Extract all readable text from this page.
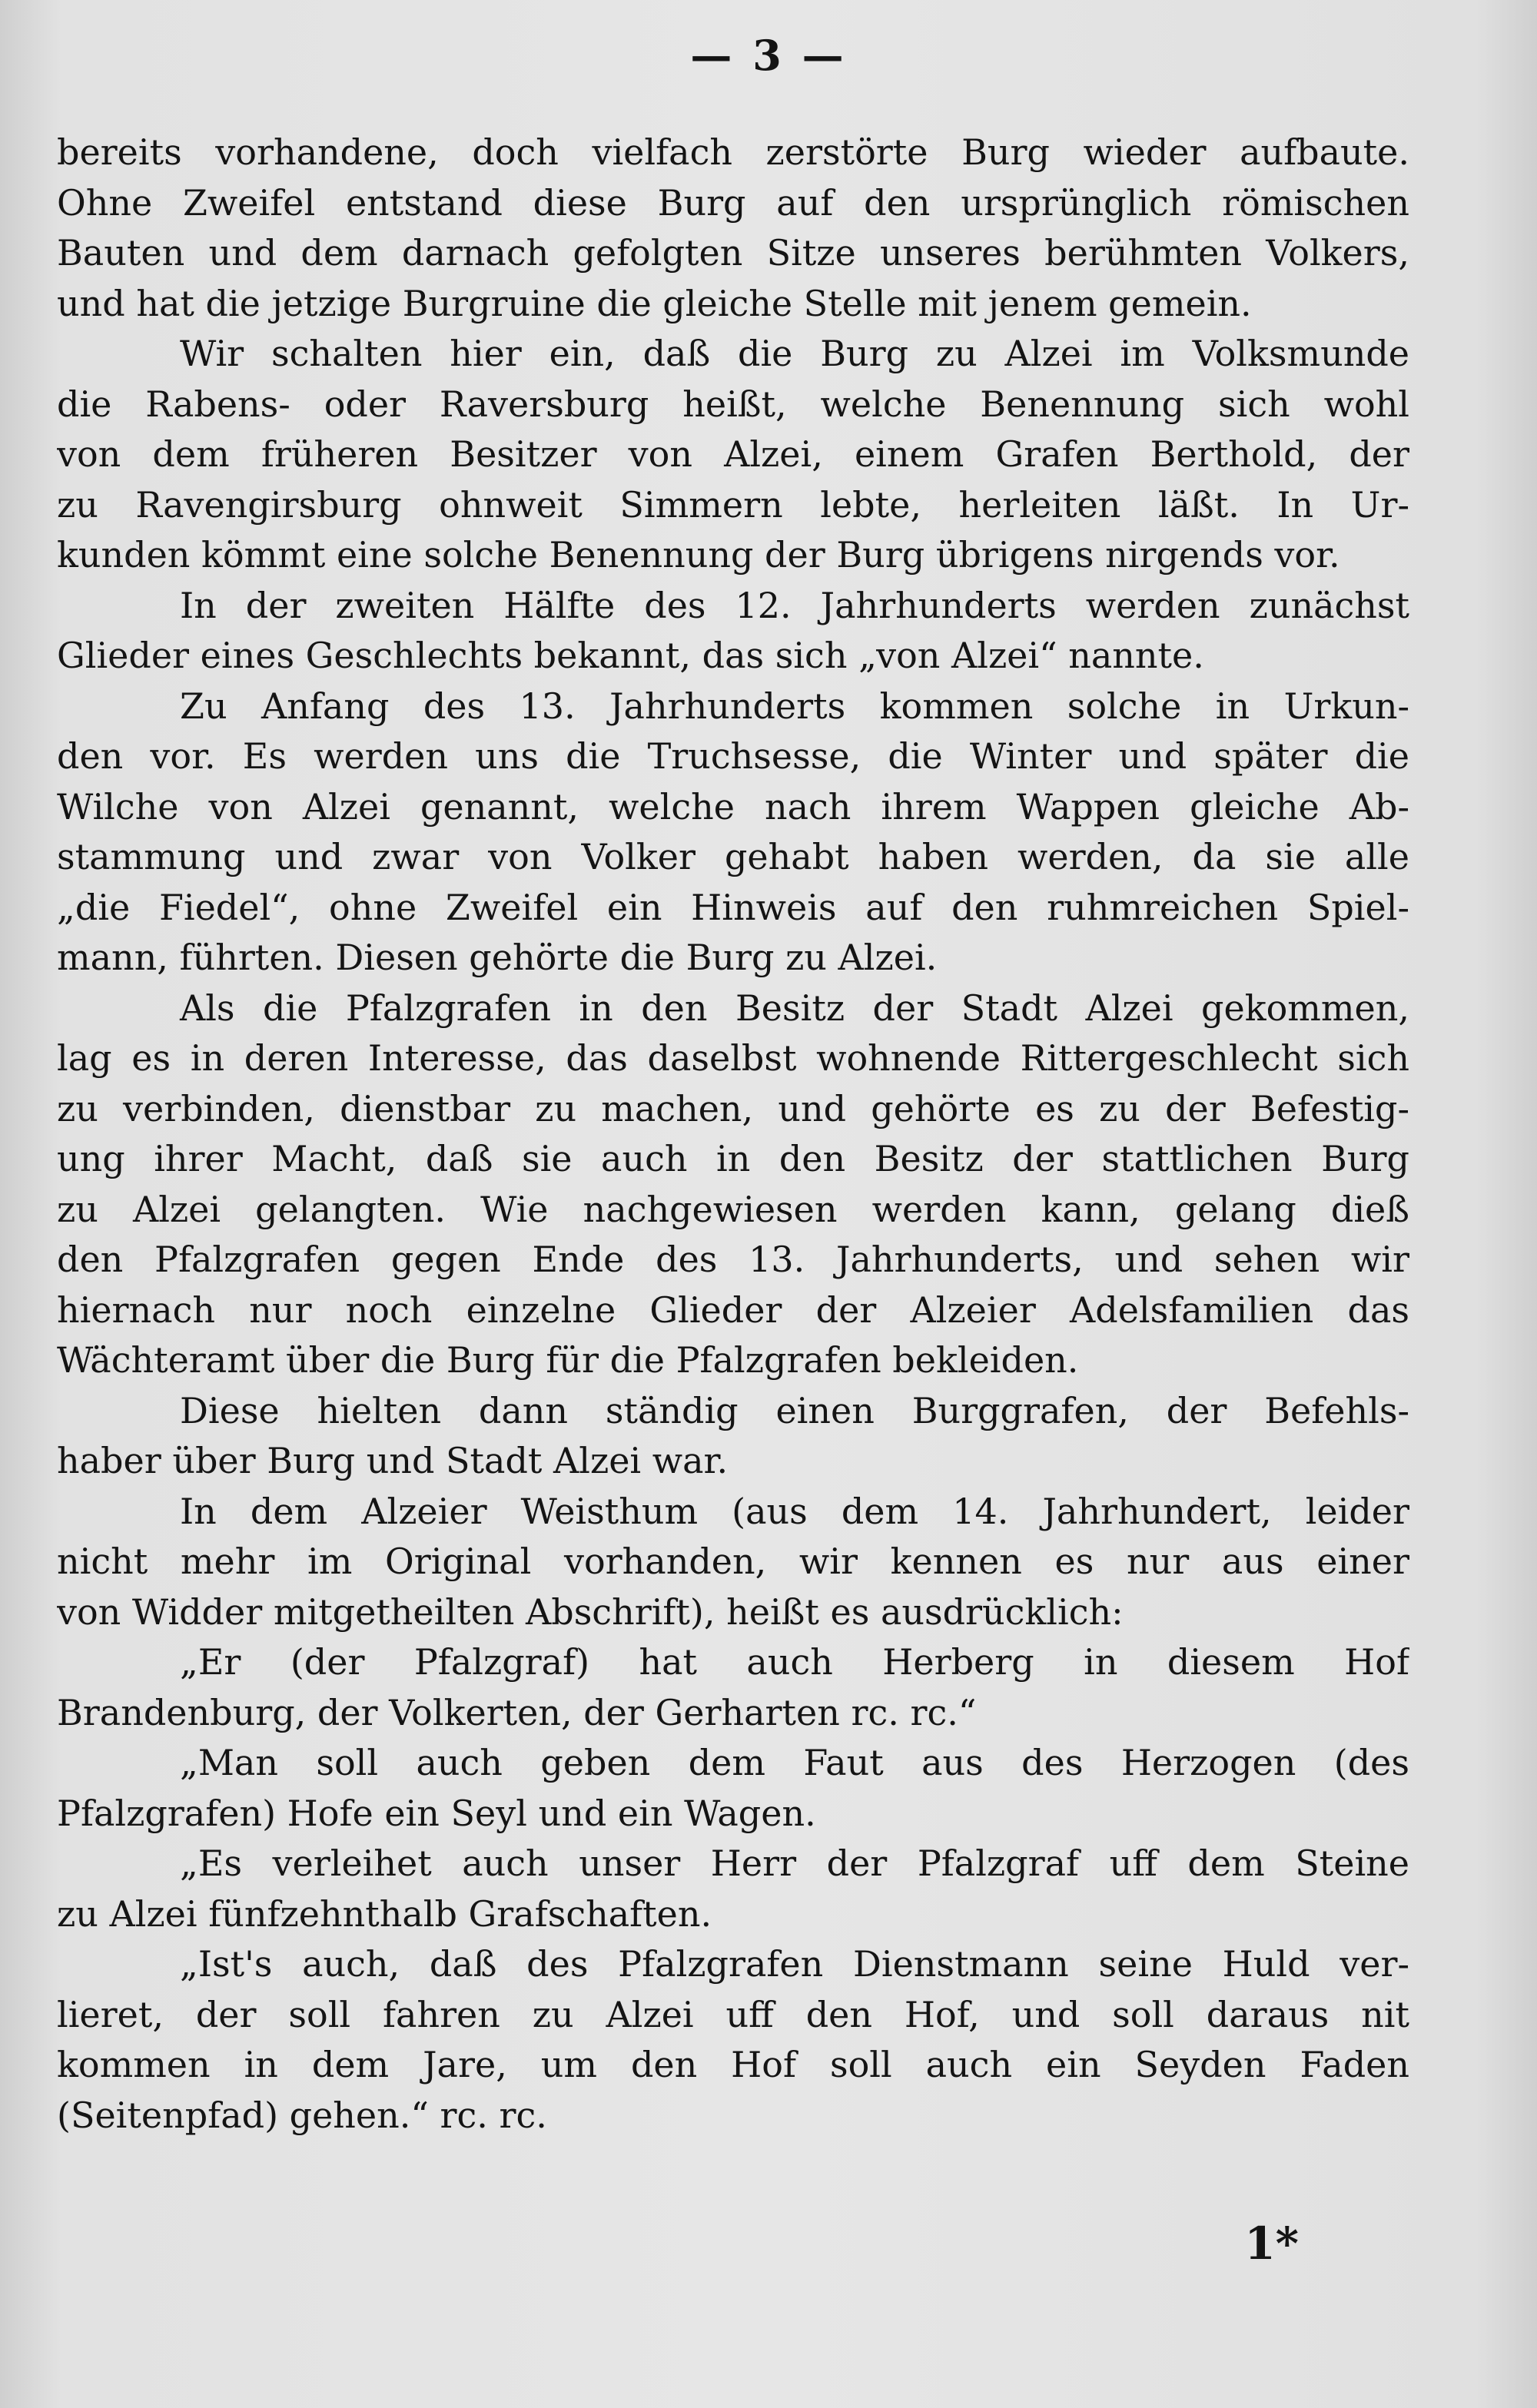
— 3 —
bereits vorhandene, doch vielfach zerstörte Burg wieder aufbaute.
Ohne Zweifel entstand diese Burg auf den ursprünglich römischen
Bauten und dem darnach gefolgten Sitze unseres berühmten Volkers,
und hat die jetzige Burgruine die gleiche Stelle mit jenem gemein.
Wir schalten hier ein, daß die Burg zu Alzei im Volksmunde
die Rabens- oder Raversburg heißt, welche Benennung sich wohl
von dem früheren Besitzer von Alzei, einem Grafen Berthold, der
zu Ravengirsburg ohnweit Simmern lebte, herleiten läßt. In Ur-
kunden kömmt eine solche Benennung der Burg übrigens nirgends vor.
In der zweiten Hälfte des 12. Jahrhunderts werden zunächst
Glieder eines Geschlechts bekannt, das sich „von Alzei“ nannte.
Zu Anfang des 13. Jahrhunderts kommen solche in Urkun-
den vor. Es werden uns die Truchsesse, die Winter und später die
Wilche von Alzei genannt, welche nach ihrem Wappen gleiche Ab-
stammung und zwar von Volker gehabt haben werden, da sie alle
„die Fiedel“, ohne Zweifel ein Hinweis auf den ruhmreichen Spiel-
mann, führten. Diesen gehörte die Burg zu Alzei.
Als die Pfalzgrafen in den Besitz der Stadt Alzei gekommen,
lag es in deren Interesse, das daselbst wohnende Rittergeschlecht sich
zu verbinden, dienstbar zu machen, und gehörte es zu der Befestig-
ung ihrer Macht, daß sie auch in den Besitz der stattlichen Burg
zu Alzei gelangten. Wie nachgewiesen werden kann, gelang dieß
den Pfalzgrafen gegen Ende des 13. Jahrhunderts, und sehen wir
hiernach nur noch einzelne Glieder der Alzeier Adelsfamilien das
Wächteramt über die Burg für die Pfalzgrafen bekleiden.
Diese hielten dann ständig einen Burggrafen, der Befehls-
haber über Burg und Stadt Alzei war.
In dem Alzeier Weisthum (aus dem 14. Jahrhundert, leider
nicht mehr im Original vorhanden, wir kennen es nur aus einer
von Widder mitgetheilten Abschrift), heißt es ausdrücklich:
„Er (der Pfalzgraf) hat auch Herberg in diesem Hof
Brandenburg, der Volkerten, der Gerharten rc. rc.“
„Man soll auch geben dem Faut aus des Herzogen (des
Pfalzgrafen) Hofe ein Seyl und ein Wagen.
„Es verleihet auch unser Herr der Pfalzgraf uff dem Steine
zu Alzei fünfzehnthalb Grafschaften.
„Ist's auch, daß des Pfalzgrafen Dienstmann seine Huld ver-
lieret, der soll fahren zu Alzei uff den Hof, und soll daraus nit
kommen in dem Jare, um den Hof soll auch ein Seyden Faden
(Seitenpfad) gehen.“ rc. rc.
1*
